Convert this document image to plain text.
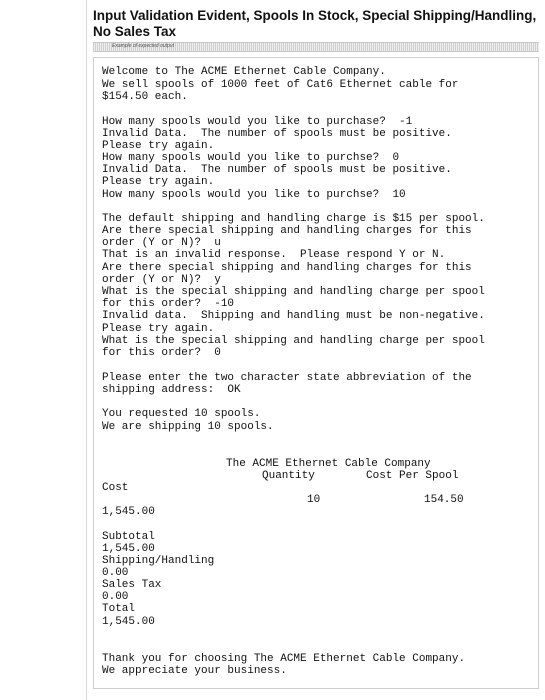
Input Validation Evident, Spools In Stock, Special Shipping/Handling, No Sales Tax
Example of expected output

Welcome to The ACME Ethernet Cable Company.

We sell spools of 1000 feet of Cat6 Ethernet cable for

$154.50 each.

How many spools would you like to purchase?  -1

Invalid Data.  The number of spools must be positive.

Please try again.

How many spools would you like to purchse?  0

Invalid Data.  The number of spools must be positive.

Please try again.

How many spools would you like to purchse?  10

The default shipping and handling charge is $15 per spool.

Are there special shipping and handling charges for this

order (Y or N)?  u

That is an invalid response.  Please respond Y or N.

Are there special shipping and handling charges for this

order (Y or N)?  y

What is the special shipping and handling charge per spool

for this order?  -10

Invalid data.  Shipping and handling must be non-negative.

Please try again.

What is the special shipping and handling charge per spool

for this order?  0

Please enter the two character state abbreviation of the

shipping address:  OK

You requested 10 spools.

We are shipping 10 spools.

The ACME Ethernet Cable Company

Quantity	Cost Per Spool

Cost

10	154.50

1,545.00

Subtotal

1,545.00

Shipping/Handling

0.00

Sales Tax

0.00

Total

1,545.00

Thank you for choosing The ACME Ethernet Cable Company.

We appreciate your business.
